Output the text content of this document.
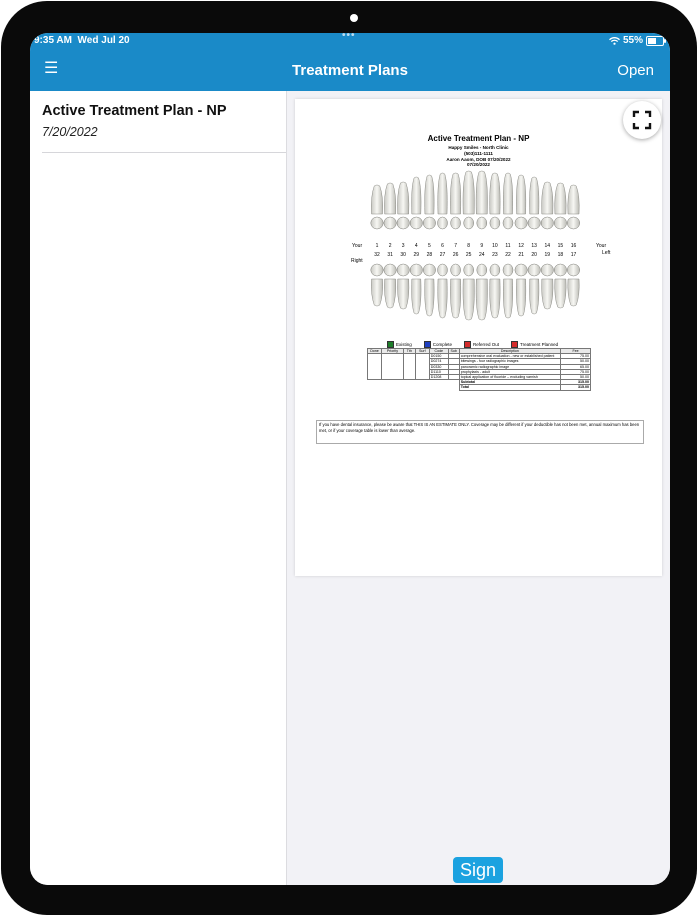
9:35 AM Wed Jul 20	•••	55%
☰	Treatment Plans	Open
Active Treatment Plan - NP
7/20/2022	Active Treatment Plan - NP
Happy Smiles - North Clinic
(503)111-1111
Aaron Aaom, DOB 07/20/2022
07/20/2022
Your
Right
Your
Left
1 2 3 4 5 6 7 8 9 10 11 12 13 14 15 16
32 31 30 29 28 27 26 25 24 23 22 21 20 19 18 17
Existing	Complete	Referred Out	Treatment Planned
Done	Priority	Tth	Surf	Code	Sub	Description	Fee
				D0150		comprehensive oral evaluation - new or established patient	75.00
				D0274		bitewings - four radiographic images	50.00
				D0330		panoramic radiographic image	65.00
				D1110		prophylaxis - adult	75.00
				D1208		topical application of fluoride – excluding varnish	50.00
						Subtotal	315.00
						Total	315.00
If you have dental insurance, please be aware that THIS IS AN ESTIMATE ONLY. Coverage may be different if your deductible has not been met, annual maximum has been met, or if your coverage table is lower than average.
Sign
